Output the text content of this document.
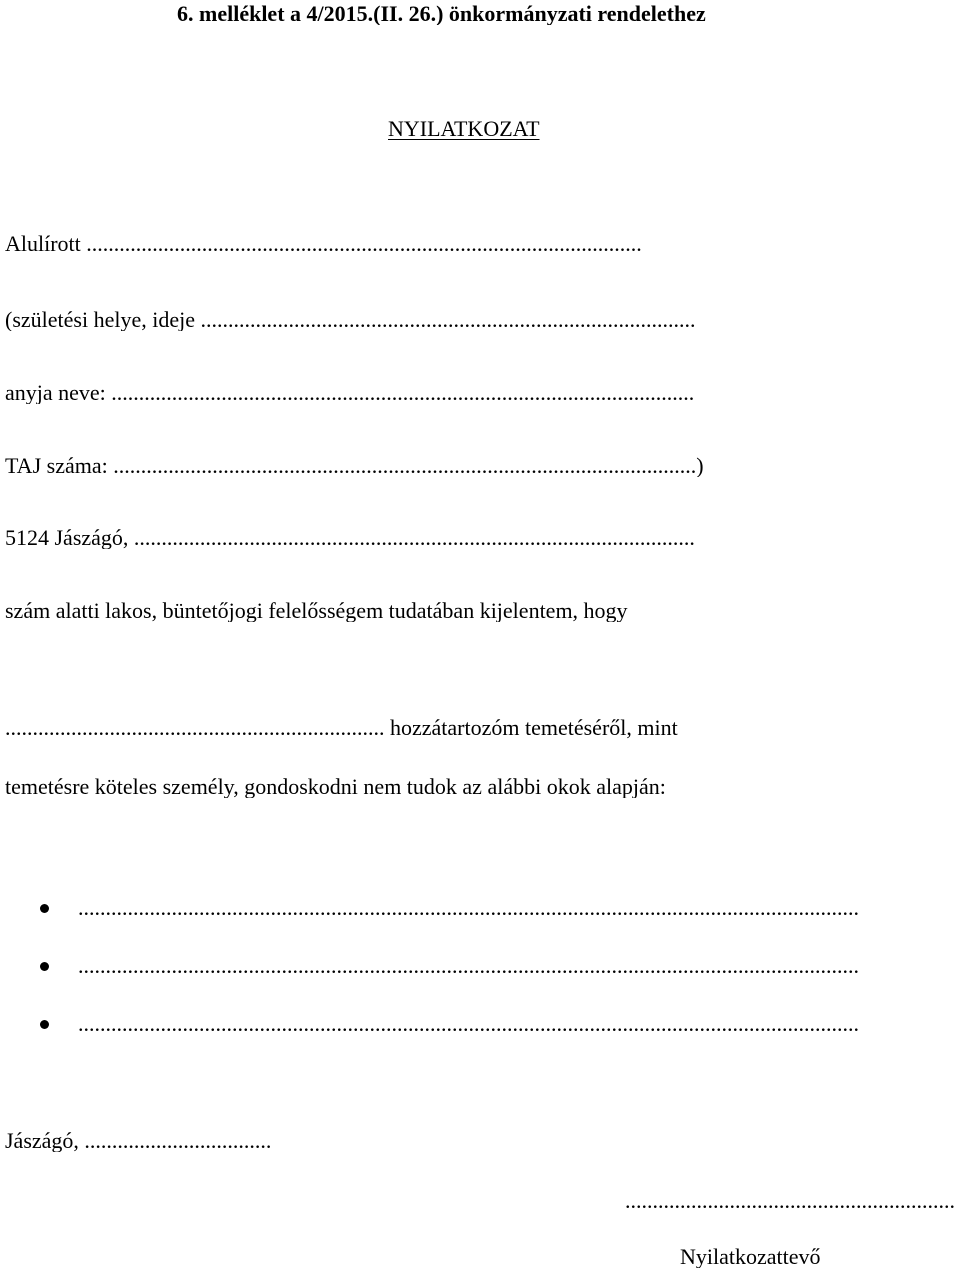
6. melléklet a 4/2015.(II. 26.) önkormányzati rendelethez
NYILATKOZAT
Alulírott .....................................................................................................
(születési helye, ideje ..........................................................................................
anyja neve: ..........................................................................................................
TAJ száma: ..........................................................................................................)
5124 Jászágó, ......................................................................................................
szám alatti lakos, büntetőjogi felelősségem tudatában kijelentem, hogy
..................................................................... hozzátartozóm temetéséről, mint
temetésre köteles személy, gondoskodni nem tudok az alábbi okok alapján:
..............................................................................................................................................
..............................................................................................................................................
..............................................................................................................................................
Jászágó, ..................................
............................................................
Nyilatkozattevő
